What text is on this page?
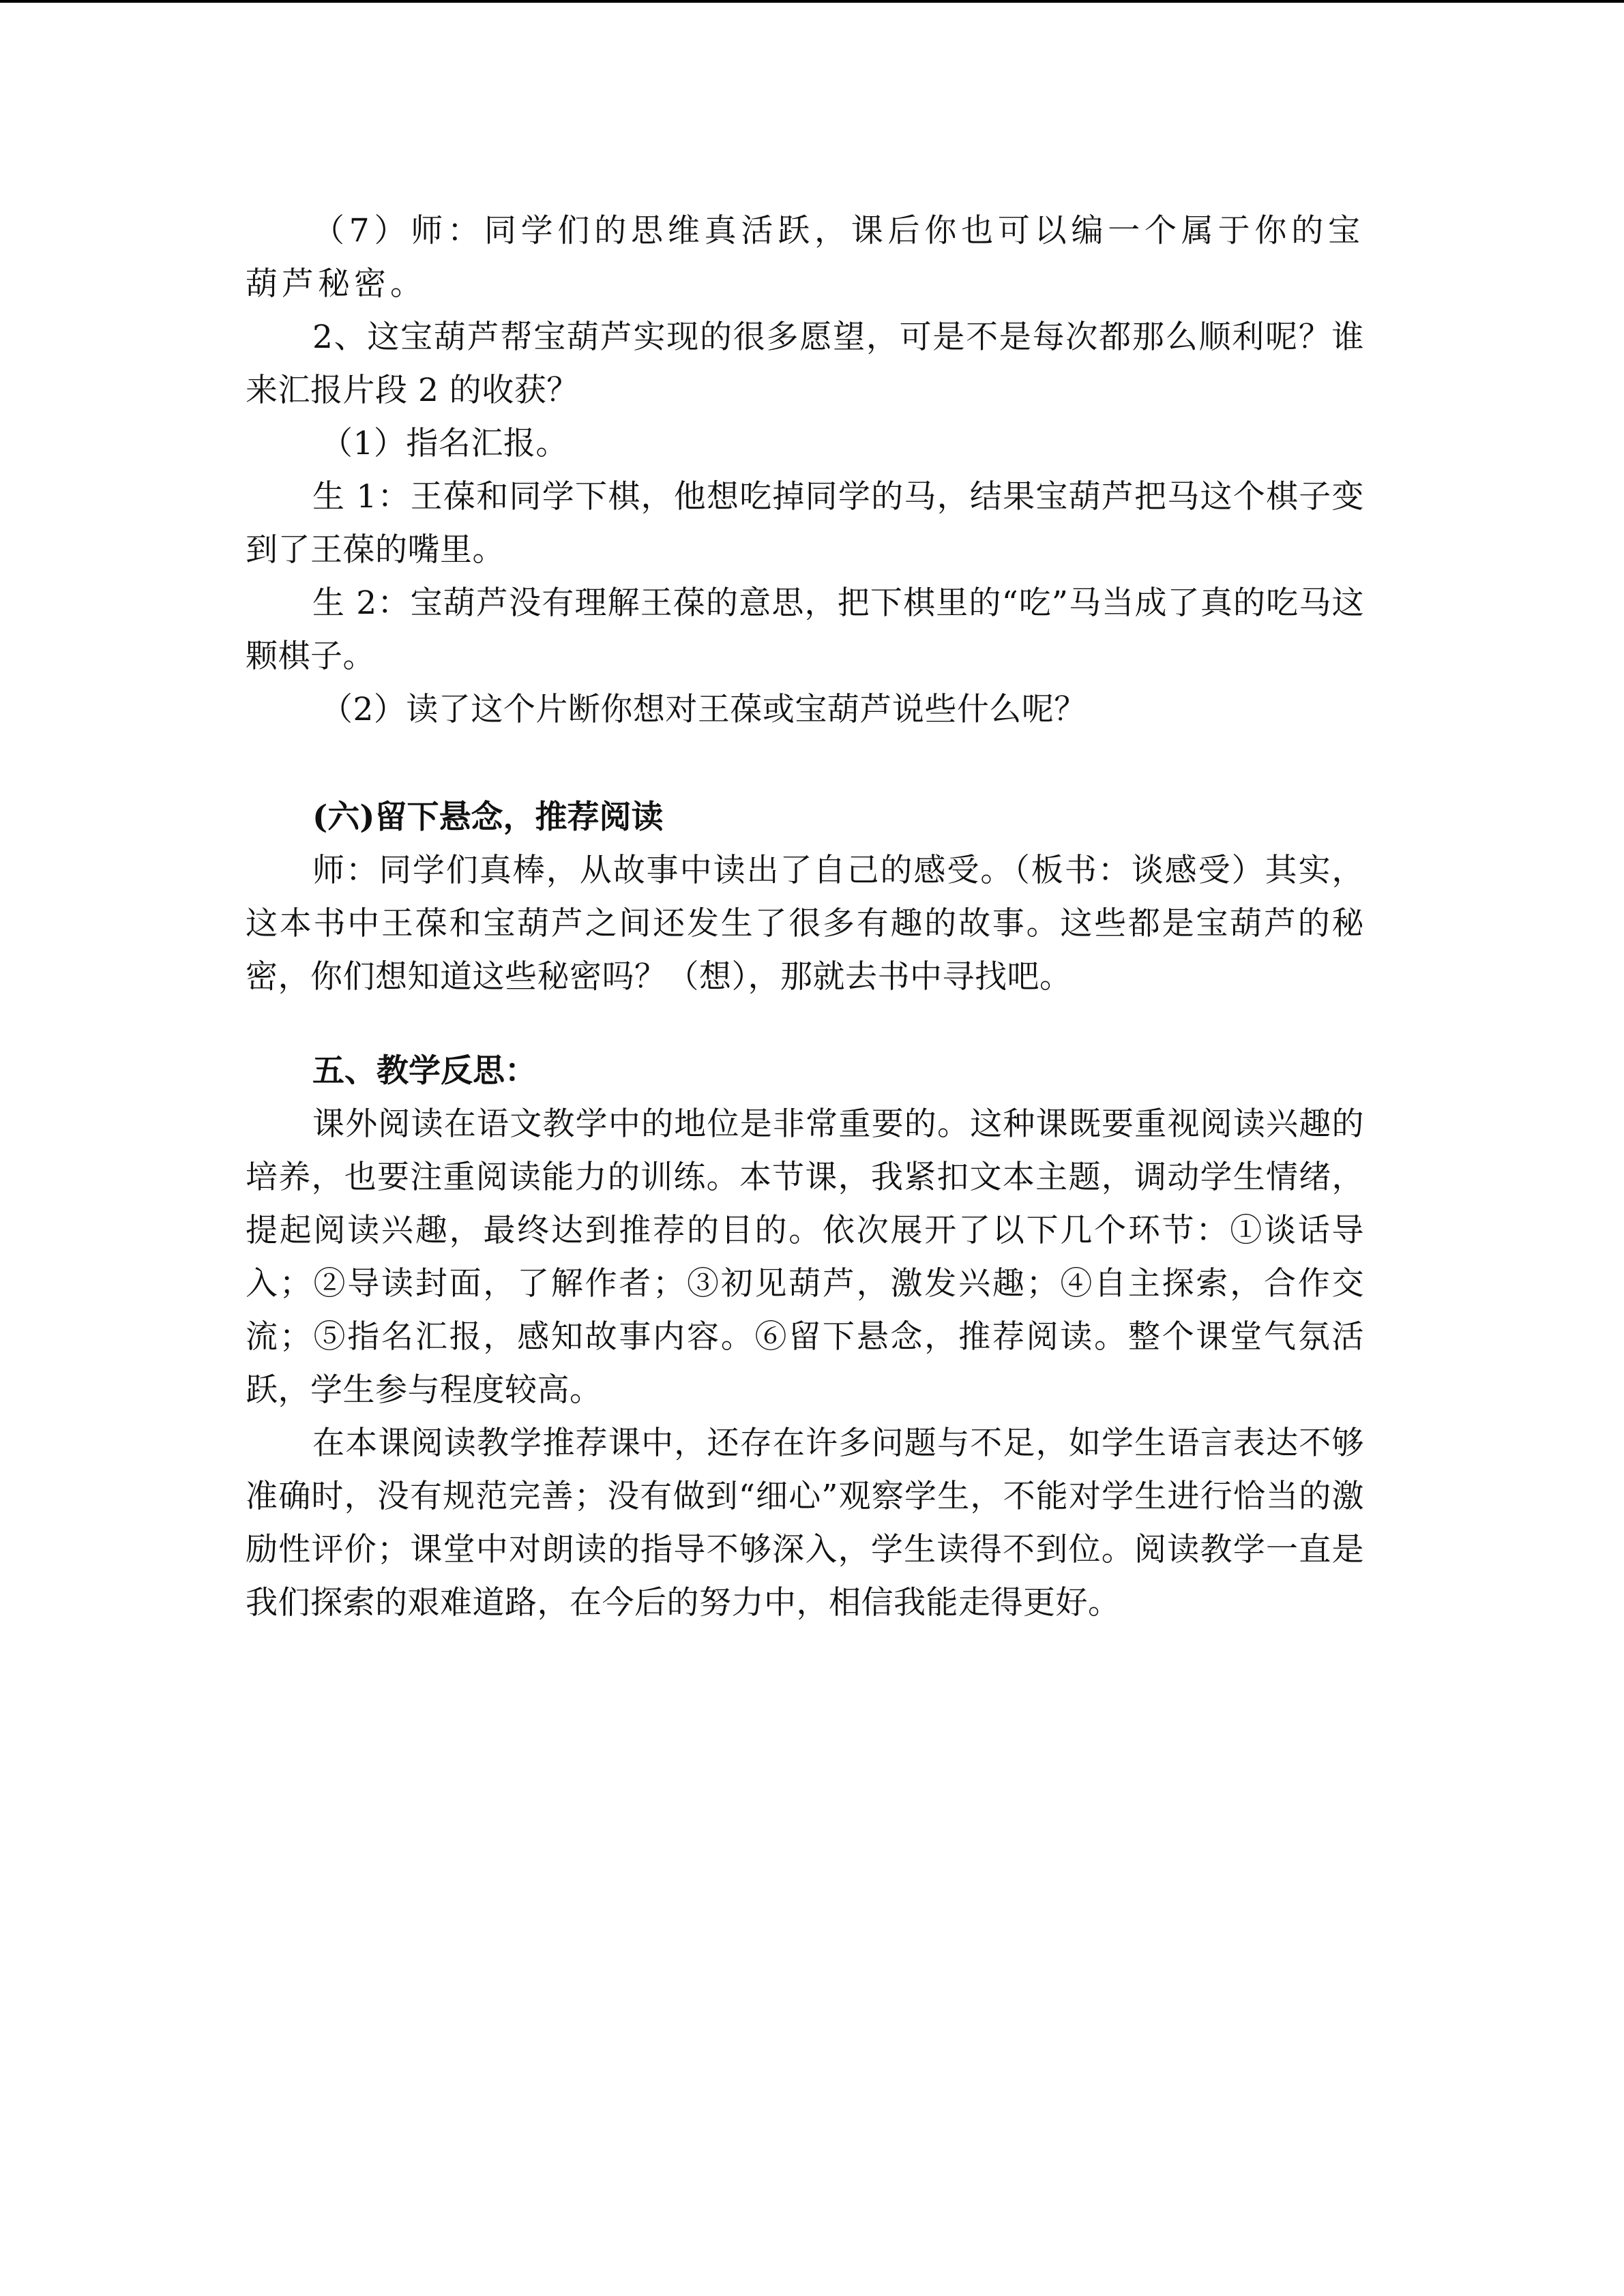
（7）师：同学们的思维真活跃，课后你也可以编一个属于你的宝葫芦秘密。

2、这宝葫芦帮宝葫芦实现的很多愿望，可是不是每次都那么顺利呢？谁来汇报片段 2 的收获？

（1）指名汇报。

生 1：王葆和同学下棋，他想吃掉同学的马，结果宝葫芦把马这个棋子变到了王葆的嘴里。

生 2：宝葫芦没有理解王葆的意思，把下棋里的“吃”马当成了真的吃马这颗棋子。

（2）读了这个片断你想对王葆或宝葫芦说些什么呢？

(六)留下悬念，推荐阅读

师：同学们真棒，从故事中读出了自己的感受。（板书：谈感受）其实，这本书中王葆和宝葫芦之间还发生了很多有趣的故事。这些都是宝葫芦的秘密，你们想知道这些秘密吗？（想），那就去书中寻找吧。

五、教学反思：

课外阅读在语文教学中的地位是非常重要的。这种课既要重视阅读兴趣的培养，也要注重阅读能力的训练。本节课，我紧扣文本主题，调动学生情绪，提起阅读兴趣，最终达到推荐的目的。依次展开了以下几个环节：①谈话导入；②导读封面，了解作者；③初见葫芦，激发兴趣；④自主探索，合作交流；⑤指名汇报，感知故事内容。⑥留下悬念，推荐阅读。整个课堂气氛活跃，学生参与程度较高。

在本课阅读教学推荐课中，还存在许多问题与不足，如学生语言表达不够准确时，没有规范完善；没有做到“细心”观察学生，不能对学生进行恰当的激励性评价；课堂中对朗读的指导不够深入，学生读得不到位。阅读教学一直是我们探索的艰难道路，在今后的努力中，相信我能走得更好。
